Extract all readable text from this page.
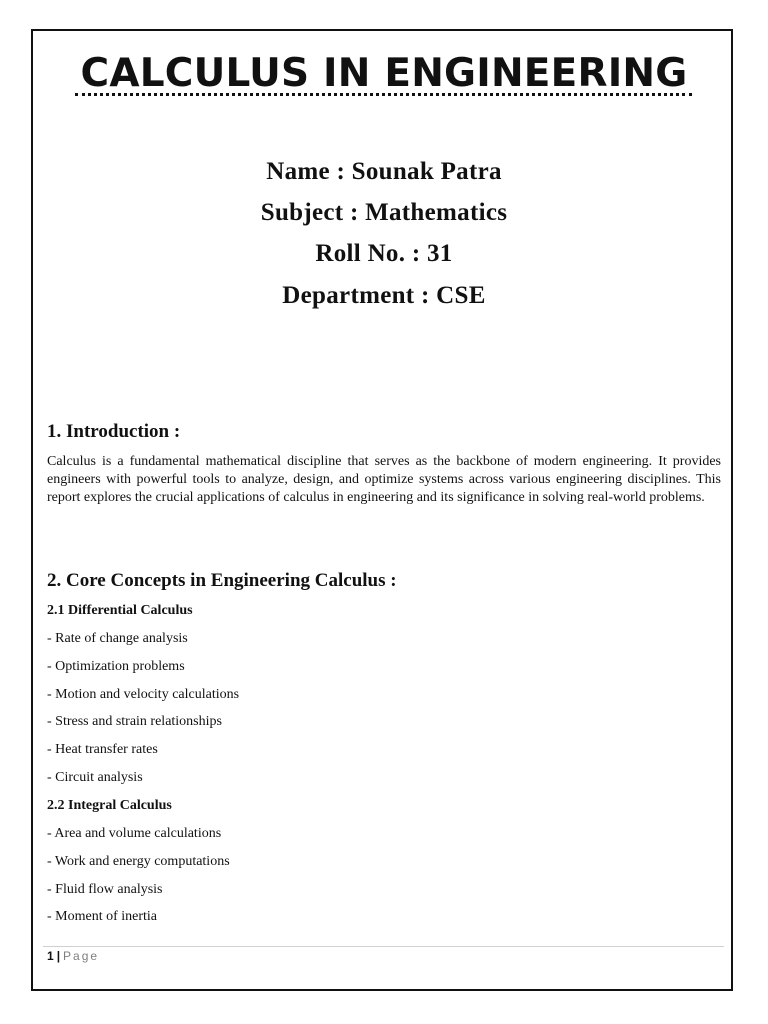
CALCULUS IN ENGINEERING

Name : Sounak Patra

Subject : Mathematics

Roll No. : 31

Department : CSE

1. Introduction :

Calculus is a fundamental mathematical discipline that serves as the backbone of modern engineering. It provides engineers with powerful tools to analyze, design, and optimize systems across various engineering disciplines. This report explores the crucial applications of calculus in engineering and its significance in solving real-world problems.

2. Core Concepts in Engineering Calculus :
2.1 Differential Calculus

- Rate of change analysis

- Optimization problems

- Motion and velocity calculations

- Stress and strain relationships

- Heat transfer rates

- Circuit analysis

2.2 Integral Calculus

- Area and volume calculations

- Work and energy computations

- Fluid flow analysis

- Moment of inertia

1 | Page
